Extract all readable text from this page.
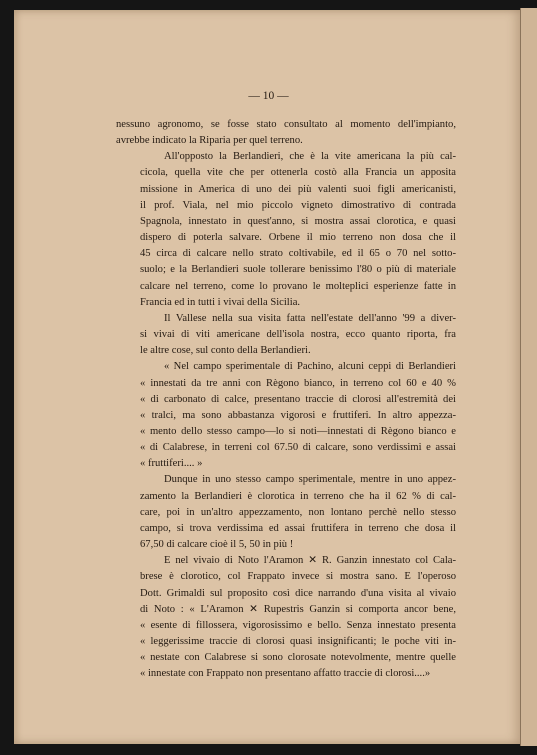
— 10 —

nessuno agronomo, se fosse stato consultato al momento dell'impianto,
avrebbe indicato la Riparia per quel terreno.

All'opposto la Berlandieri, che è la vite americana la più cal-
cicola, quella vite che per ottenerla costò alla Francia un apposita
missione in America di uno dei più valenti suoi figli americanisti,
il prof. Viala, nel mio piccolo vigneto dimostrativo di contrada
Spagnola, innestato in quest'anno, si mostra assai clorotica, e quasi
dispero di poterla salvare. Orbene il mio terreno non dosa che il
45 circa di calcare nello strato coltivabile, ed il 65 o 70 nel sotto-
suolo; e la Berlandieri suole tollerare benissimo l'80 o più di materiale
calcare nel terreno, come lo provano le molteplici esperienze fatte in
Francia ed in tutti i vivai della Sicilia.

Il Vallese nella sua visita fatta nell'estate dell'anno '99 a diver-
si vivai di viti americane dell'isola nostra, ecco quanto riporta, fra
le altre cose, sul conto della Berlandieri.

« Nel campo sperimentale di Pachino, alcuni ceppi di Berlandieri
« innestati da tre anni con Règono bianco, in terreno col 60 e 40 %
« di carbonato di calce, presentano traccie di clorosi all'estremità dei
« tralci, ma sono abbastanza vigorosi e fruttiferi. In altro appezza-
« mento dello stesso campo—lo si noti—innestati di Règono bianco e
« di Calabrese, in terreni col 67.50 di calcare, sono verdissimi e assai
« fruttiferi.... »

Dunque in uno stesso campo sperimentale, mentre in uno appez-
zamento la Berlandieri è clorotica in terreno che ha il 62 % di cal-
care, poi in un'altro appezzamento, non lontano perchè nello stesso
campo, si trova verdissima ed assai fruttifera in terreno che dosa il
67,50 di calcare cioè il 5, 50 in più !

E nel vivaio di Noto l'Aramon ✕ R. Ganzin innestato col Cala-
brese è clorotico, col Frappato invece si mostra sano. E l'operoso
Dott. Grimaldi sul proposito così dice narrando d'una visita al vivaio
di Noto : « L'Aramon ✕ Rupestris Ganzin si comporta ancor bene,
« esente di fillossera, vigorosissimo e bello. Senza innestato presenta
« leggerissime traccie di clorosi quasi insignificanti; le poche viti in-
« nestate con Calabrese si sono clorosate notevolmente, mentre quelle
« innestate con Frappato non presentano affatto traccie di clorosi....»
